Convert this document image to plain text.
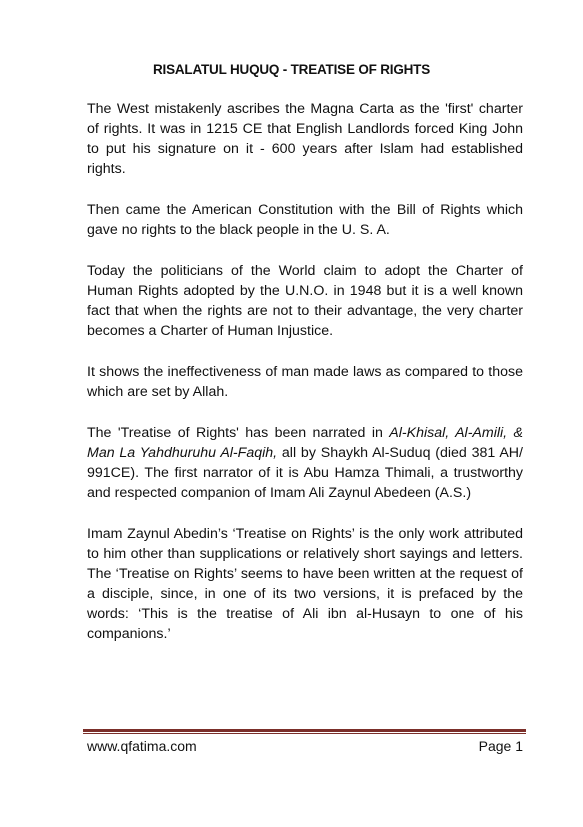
RISALATUL HUQUQ - TREATISE OF RIGHTS

The West mistakenly ascribes the Magna Carta as the 'first' charter of rights. It was in 1215 CE that English Landlords forced King John to put his signature on it - 600 years after Islam had established rights.

Then came the American Constitution with the Bill of Rights which gave no rights to the black people in the U. S. A.

Today the politicians of the World claim to adopt the Charter of Human Rights adopted by the U.N.O. in 1948 but it is a well known fact that when the rights are not to their advantage, the very charter becomes a Charter of Human Injustice.

It shows the ineffectiveness of man made laws as compared to those which are set by Allah.

The 'Treatise of Rights' has been narrated in Al-Khisal, Al-Amili, & Man La Yahdhuruhu Al-Faqih, all by Shaykh Al-Suduq (died 381 AH/ 991CE). The first narrator of it is Abu Hamza Thimali, a trustworthy and respected companion of Imam Ali Zaynul Abedeen (A.S.)

Imam Zaynul Abedin’s ‘Treatise on Rights’ is the only work attributed to him other than supplications or relatively short sayings and letters. The ‘Treatise on Rights’ seems to have been written at the request of a disciple, since, in one of its two versions, it is prefaced by the words: ‘This is the treatise of Ali ibn al-Husayn to one of his companions.’

www.qfatima.com	Page 1
